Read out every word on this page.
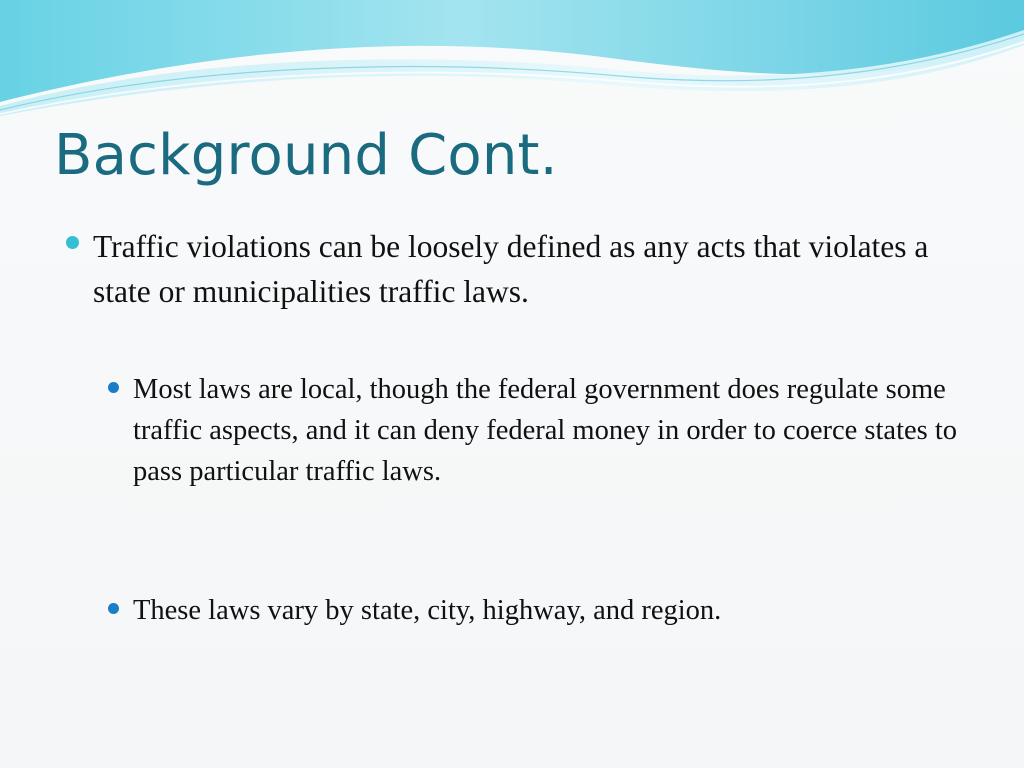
Background Cont.
Traffic violations can be loosely defined as any acts that violates a state or municipalities traffic laws.
Most laws are local, though the federal government does regulate some traffic aspects, and it can deny federal money in order to coerce states to pass particular traffic laws.
These laws vary by state, city, highway, and region.
